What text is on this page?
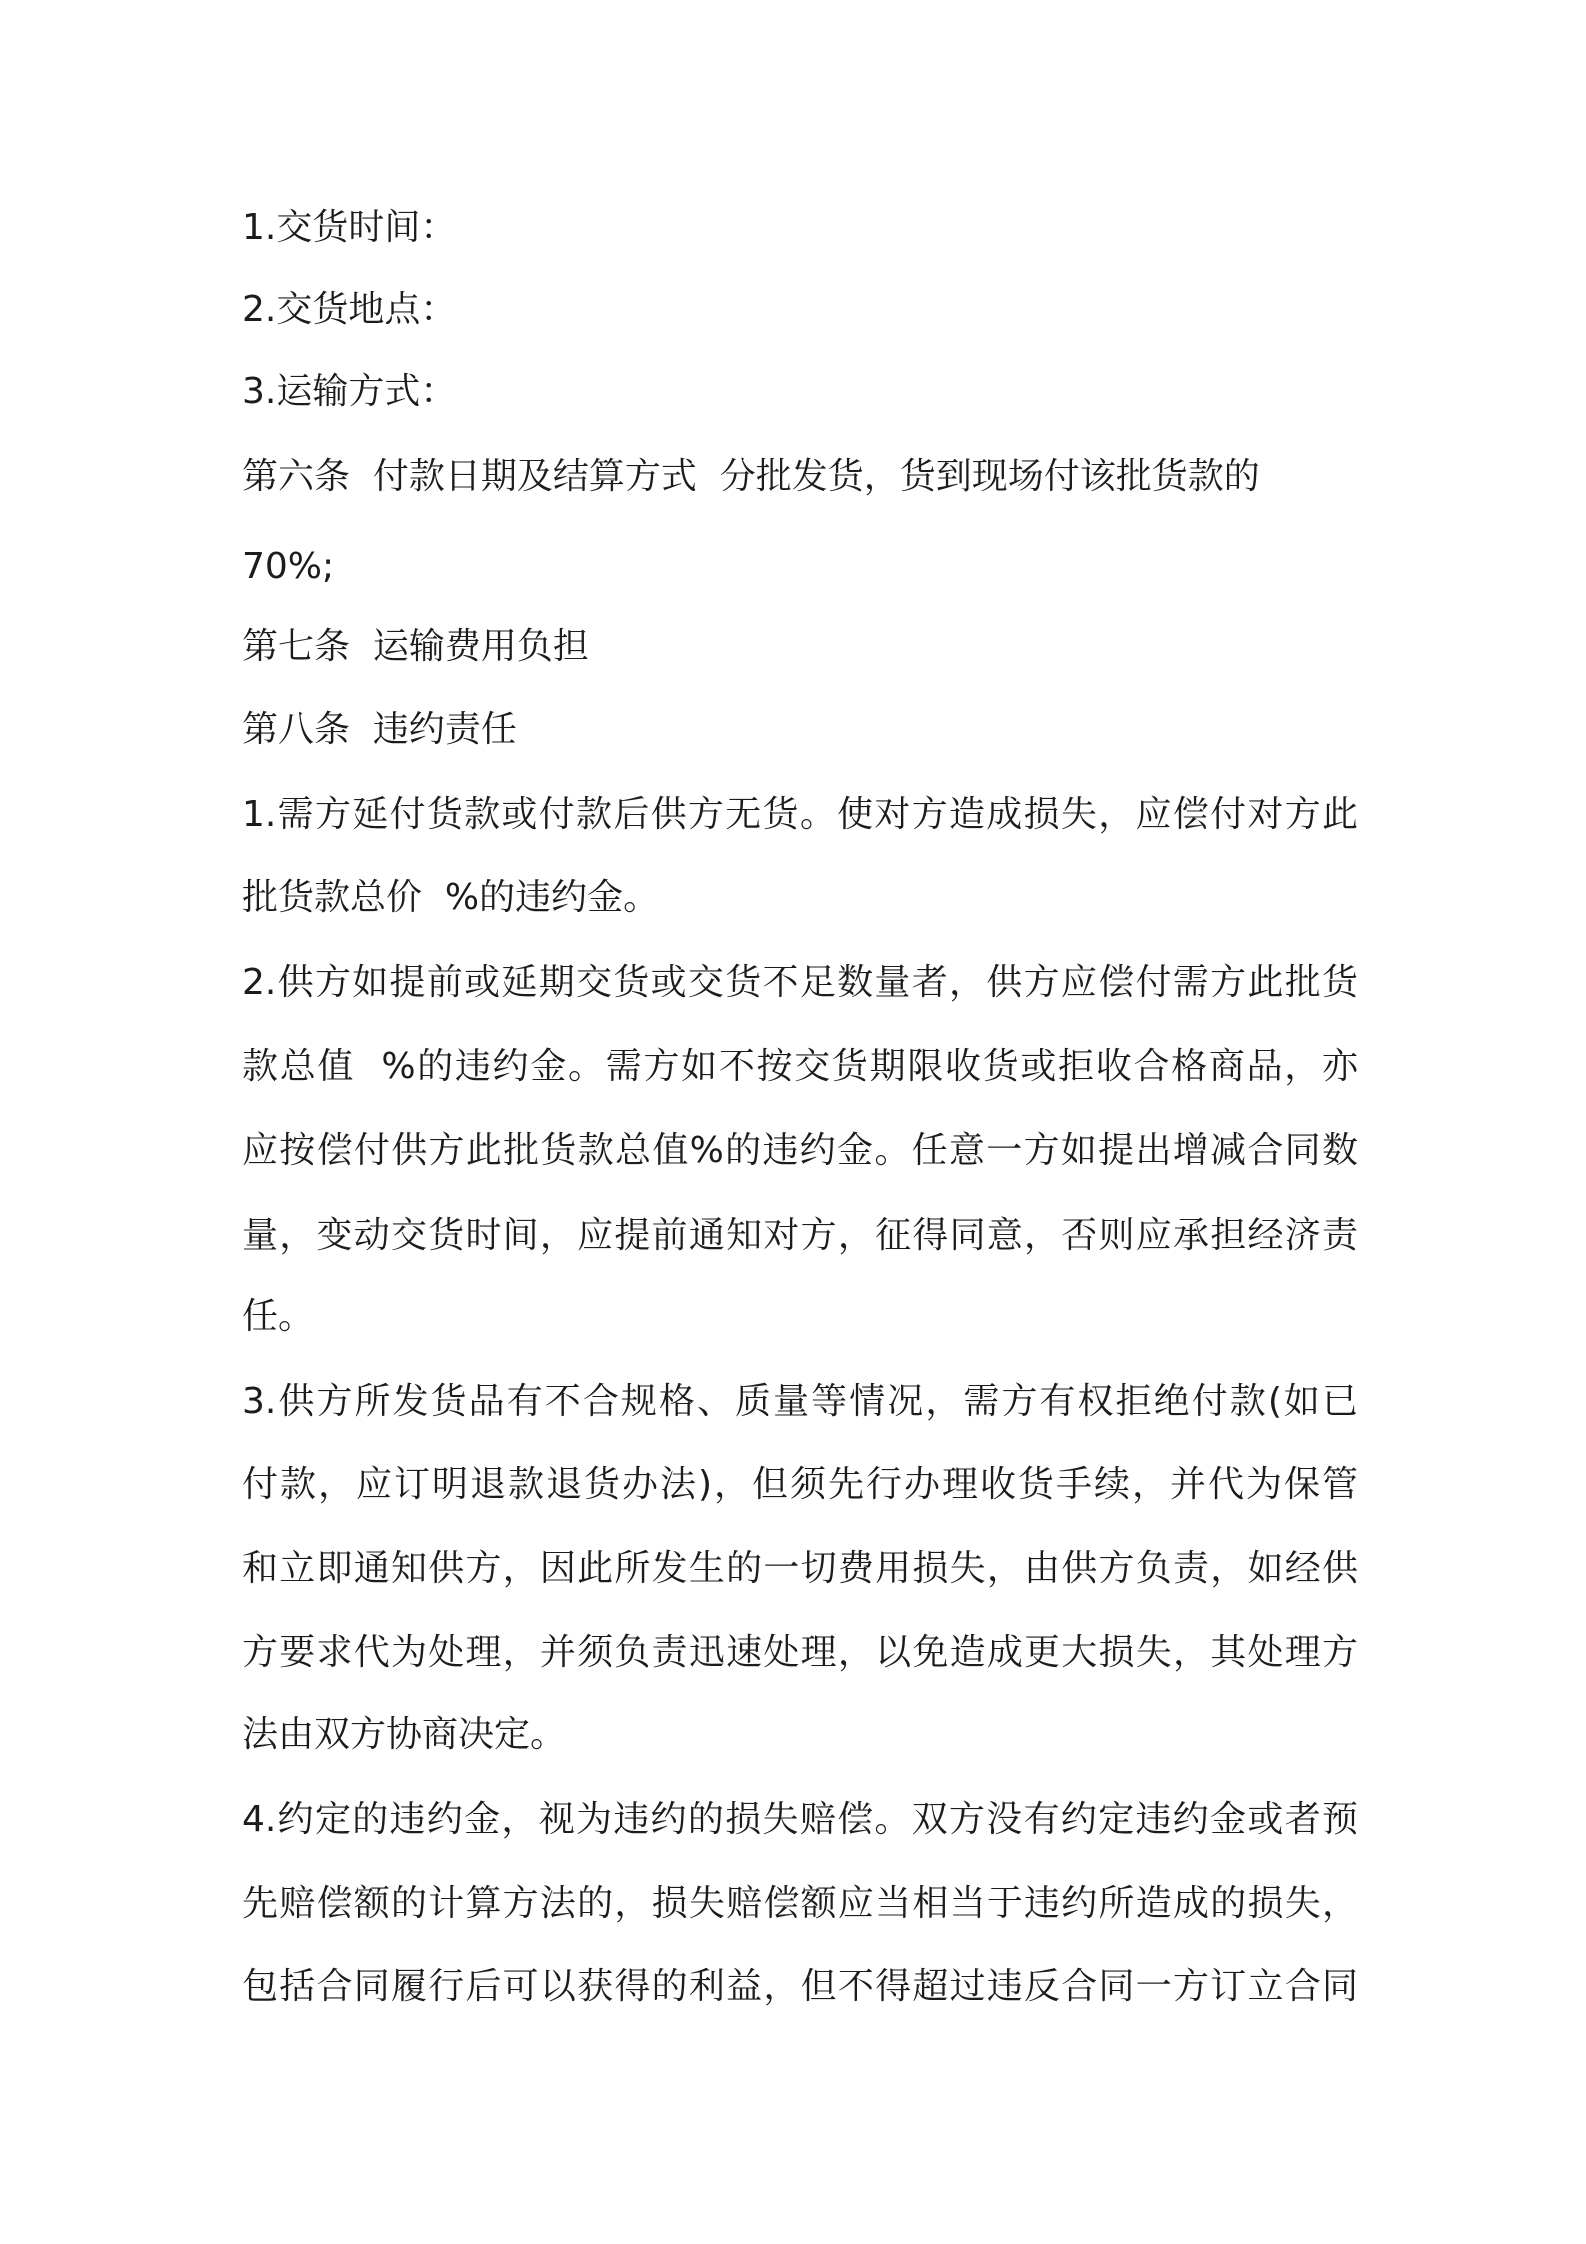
1.交货时间：
2.交货地点：
3.运输方式：
第六条  付款日期及结算方式  分批发货，货到现场付该批货款的
70%;
第七条  运输费用负担
第八条  违约责任
1.需方延付货款或付款后供方无货。使对方造成损失，应偿付对方此
批货款总价  %的违约金。
2.供方如提前或延期交货或交货不足数量者，供方应偿付需方此批货
款总值  %的违约金。需方如不按交货期限收货或拒收合格商品，亦
应按偿付供方此批货款总值%的违约金。任意一方如提出增减合同数
量，变动交货时间，应提前通知对方，征得同意，否则应承担经济责
任。
3.供方所发货品有不合规格、质量等情况，需方有权拒绝付款(如已
付款，应订明退款退货办法)，但须先行办理收货手续，并代为保管
和立即通知供方，因此所发生的一切费用损失，由供方负责，如经供
方要求代为处理，并须负责迅速处理，以免造成更大损失，其处理方
法由双方协商决定。
4.约定的违约金，视为违约的损失赔偿。双方没有约定违约金或者预
先赔偿额的计算方法的，损失赔偿额应当相当于违约所造成的损失，
包括合同履行后可以获得的利益，但不得超过违反合同一方订立合同
